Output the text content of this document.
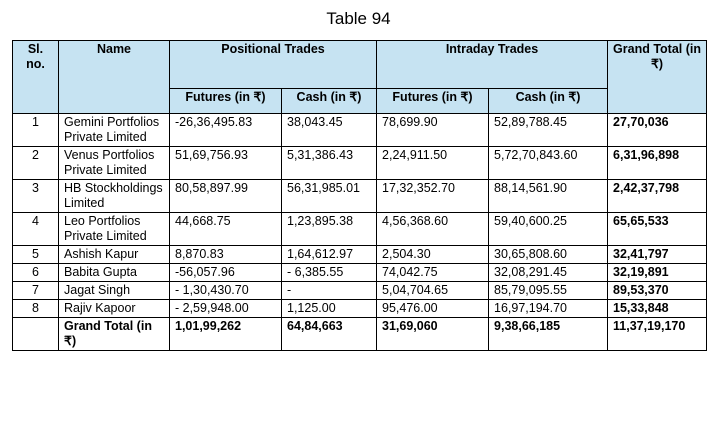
Table 94
Sl. no.	Name	Positional Trades		Intraday Trades		Grand Total (in ₹)
		Futures (in ₹)	Cash (in ₹)	Futures (in ₹)	Cash (in ₹)	
1	Gemini Portfolios Private Limited	-26,36,495.83	38,043.45	78,699.90	52,89,788.45	27,70,036
2	Venus Portfolios Private Limited	51,69,756.93	5,31,386.43	2,24,911.50	5,72,70,843.60	6,31,96,898
3	HB Stockholdings Limited	80,58,897.99	56,31,985.01	17,32,352.70	88,14,561.90	2,42,37,798
4	Leo Portfolios Private Limited	44,668.75	1,23,895.38	4,56,368.60	59,40,600.25	65,65,533
5	Ashish Kapur	8,870.83	1,64,612.97	2,504.30	30,65,808.60	32,41,797
6	Babita Gupta	-56,057.96	- 6,385.55	74,042.75	32,08,291.45	32,19,891
7	Jagat Singh	- 1,30,430.70	-	5,04,704.65	85,79,095.55	89,53,370
8	Rajiv Kapoor	- 2,59,948.00	1,125.00	95,476.00	16,97,194.70	15,33,848
	Grand Total (in ₹)	1,01,99,262	64,84,663	31,69,060	9,38,66,185	11,37,19,170
